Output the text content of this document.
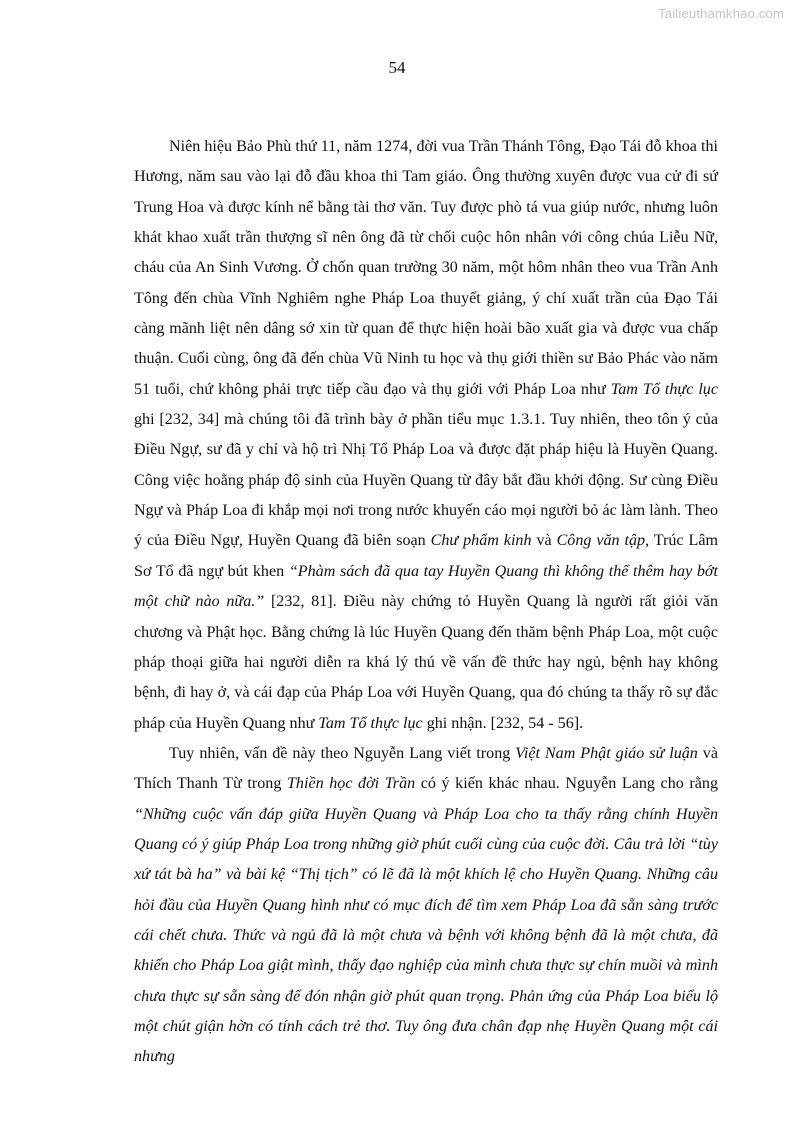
Tailieuthamkhao.com
54

Niên hiệu Bảo Phù thứ 11, năm 1274, đời vua Trần Thánh Tông, Đạo Tái đỗ khoa thi Hương, năm sau vào lại đỗ đầu khoa thi Tam giáo. Ông thường xuyên được vua cử đi sứ Trung Hoa và được kính nể bằng tài thơ văn. Tuy được phò tá vua giúp nước, nhưng luôn khát khao xuất trần thượng sĩ nên ông đã từ chối cuộc hôn nhân với công chúa Liễu Nữ, cháu của An Sinh Vương. Ở chốn quan trường 30 năm, một hôm nhân theo vua Trần Anh Tông đến chùa Vĩnh Nghiêm nghe Pháp Loa thuyết giảng, ý chí xuất trần của Đạo Tái càng mãnh liệt nên dâng sớ xin từ quan để thực hiện hoài bão xuất gia và được vua chấp thuận. Cuối cùng, ông đã đến chùa Vũ Ninh tu học và thụ giới thiền sư Bảo Phác vào năm 51 tuổi, chứ không phải trực tiếp cầu đạo và thụ giới với Pháp Loa như Tam Tổ thực lục ghi [232, 34] mà chúng tôi đã trình bày ở phần tiểu mục 1.3.1. Tuy nhiên, theo tôn ý của Điều Ngự, sư đã y chỉ và hộ trì Nhị Tổ Pháp Loa và được đặt pháp hiệu là Huyền Quang. Công việc hoằng pháp độ sinh của Huyền Quang từ đây bắt đầu khởi động. Sư cùng Điều Ngự và Pháp Loa đi khắp mọi nơi trong nước khuyến cáo mọi người bỏ ác làm lành. Theo ý của Điều Ngự, Huyền Quang đã biên soạn Chư phẩm kinh và Công văn tập, Trúc Lâm Sơ Tổ đã ngự bút khen “Phàm sách đã qua tay Huyền Quang thì không thể thêm hay bớt một chữ nào nữa.” [232, 81]. Điều này chứng tỏ Huyền Quang là người rất giỏi văn chương và Phật học. Bằng chứng là lúc Huyền Quang đến thăm bệnh Pháp Loa, một cuộc pháp thoại giữa hai người diễn ra khá lý thú về vấn đề thức hay ngủ, bệnh hay không bệnh, đi hay ở, và cái đạp của Pháp Loa với Huyền Quang, qua đó chúng ta thấy rõ sự đắc pháp của Huyền Quang như Tam Tổ thực lục ghi nhận. [232, 54 - 56].

Tuy nhiên, vấn đề này theo Nguyễn Lang viết trong Việt Nam Phật giáo sử luận và Thích Thanh Từ trong Thiền học đời Trần có ý kiến khác nhau. Nguyễn Lang cho rằng “Những cuộc vấn đáp giữa Huyền Quang và Pháp Loa cho ta thấy rằng chính Huyền Quang có ý giúp Pháp Loa trong những giờ phút cuối cùng của cuộc đời. Câu trả lời “tùy xứ tát bà ha” và bài kệ “Thị tịch” có lẽ đã là một khích lệ cho Huyền Quang. Những câu hỏi đầu của Huyền Quang hình như có mục đích để tìm xem Pháp Loa đã sẵn sàng trước cái chết chưa. Thức và ngủ đã là một chưa và bệnh với không bệnh đã là một chưa, đã khiến cho Pháp Loa giật mình, thấy đạo nghiệp của mình chưa thực sự chín muồi và mình chưa thực sự sẵn sàng để đón nhận giờ phút quan trọng. Phản ứng của Pháp Loa biểu lộ một chút giận hờn có tính cách trẻ thơ. Tuy ông đưa chân đạp nhẹ Huyền Quang một cái nhưng
